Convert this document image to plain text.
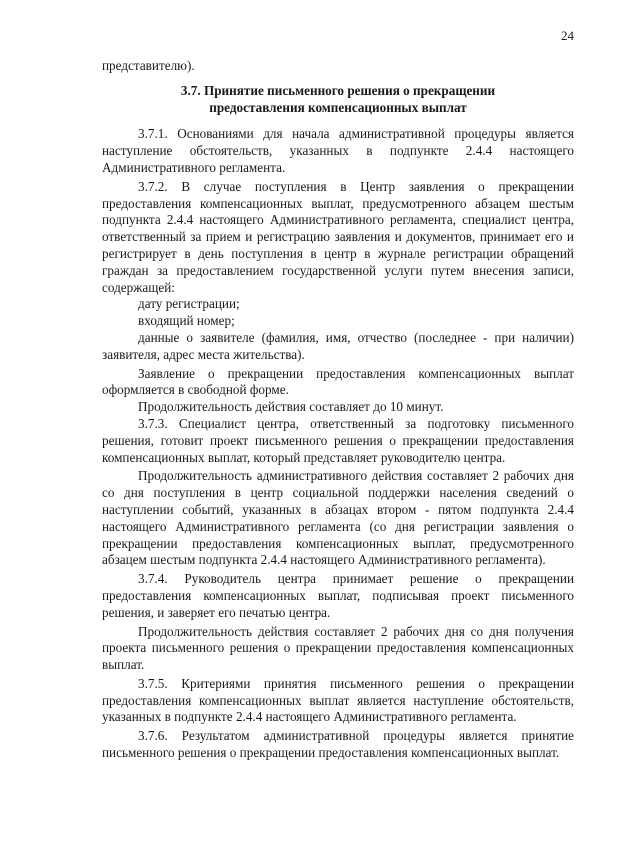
24

представителю).

3.7. Принятие письменного решения о прекращении
предоставления компенсационных выплат

3.7.1. Основаниями для начала административной процедуры является наступление обстоятельств, указанных в подпункте 2.4.4 настоящего Административного регламента.

3.7.2. В случае поступления в Центр заявления о прекращении предоставления компенсационных выплат, предусмотренного абзацем шестым подпункта 2.4.4 настоящего Административного регламента, специалист центра, ответственный за прием и регистрацию заявления и документов, принимает его и регистрирует в день поступления в центр в журнале регистрации обращений граждан за предоставлением государственной услуги путем внесения записи, содержащей:

дату регистрации;

входящий номер;

данные о заявителе (фамилия, имя, отчество (последнее - при наличии) заявителя, адрес места жительства).

Заявление о прекращении предоставления компенсационных выплат оформляется в свободной форме.

Продолжительность действия составляет до 10 минут.

3.7.3. Специалист центра, ответственный за подготовку письменного решения, готовит проект письменного решения о прекращении предоставления компенсационных выплат, который представляет руководителю центра.

Продолжительность административного действия составляет 2 рабочих дня со дня поступления в центр социальной поддержки населения сведений о наступлении событий, указанных в абзацах втором - пятом подпункта 2.4.4 настоящего Административного регламента (со дня регистрации заявления о прекращении предоставления компенсационных выплат, предусмотренного абзацем шестым подпункта 2.4.4 настоящего Административного регламента).

3.7.4. Руководитель центра принимает решение о прекращении предоставления компенсационных выплат, подписывая проект письменного решения, и заверяет его печатью центра.

Продолжительность действия составляет 2 рабочих дня со дня получения проекта письменного решения о прекращении предоставления компенсационных выплат.

3.7.5. Критериями принятия письменного решения о прекращении предоставления компенсационных выплат является наступление обстоятельств, указанных в подпункте 2.4.4 настоящего Административного регламента.

3.7.6. Результатом административной процедуры является принятие письменного решения о прекращении предоставления компенсационных выплат.
